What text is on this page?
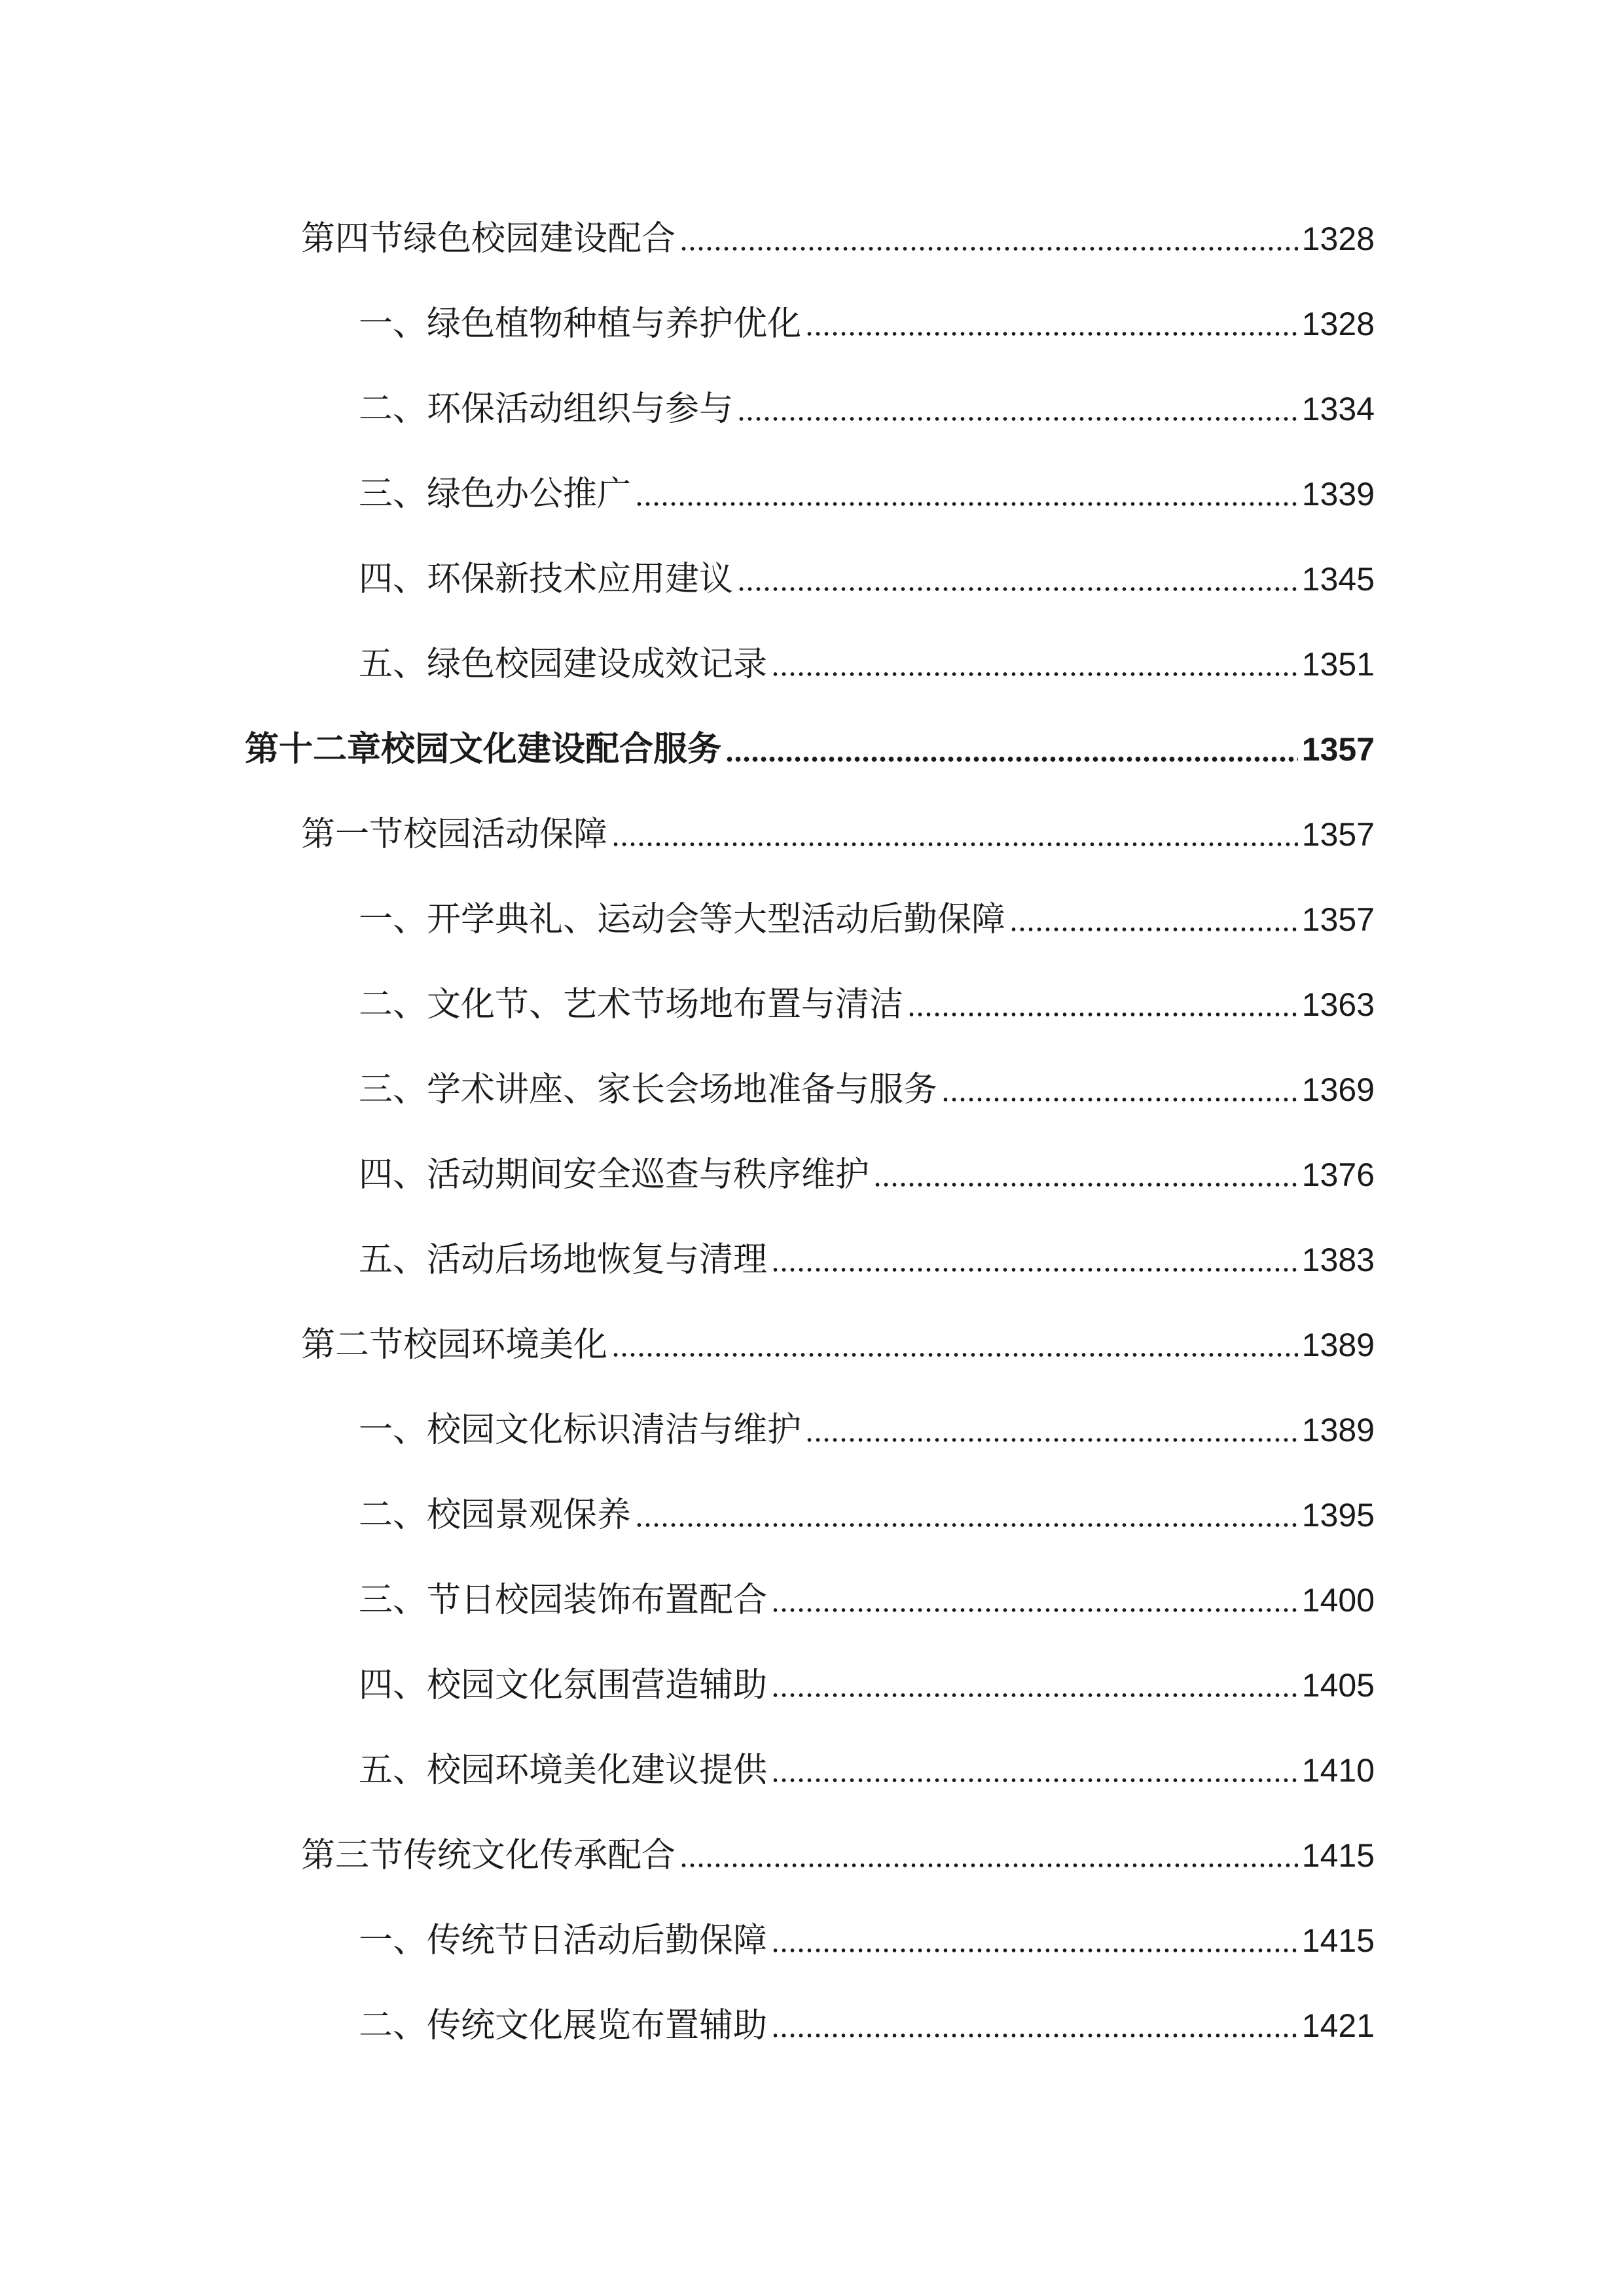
第四节绿色校园建设配合	1328
一、绿色植物种植与养护优化	1328
二、环保活动组织与参与	1334
三、绿色办公推广	1339
四、环保新技术应用建议	1345
五、绿色校园建设成效记录	1351
第十二章校园文化建设配合服务	1357
第一节校园活动保障	1357
一、开学典礼、运动会等大型活动后勤保障	1357
二、文化节、艺术节场地布置与清洁	1363
三、学术讲座、家长会场地准备与服务	1369
四、活动期间安全巡查与秩序维护	1376
五、活动后场地恢复与清理	1383
第二节校园环境美化	1389
一、校园文化标识清洁与维护	1389
二、校园景观保养	1395
三、节日校园装饰布置配合	1400
四、校园文化氛围营造辅助	1405
五、校园环境美化建议提供	1410
第三节传统文化传承配合	1415
一、传统节日活动后勤保障	1415
二、传统文化展览布置辅助	1421
